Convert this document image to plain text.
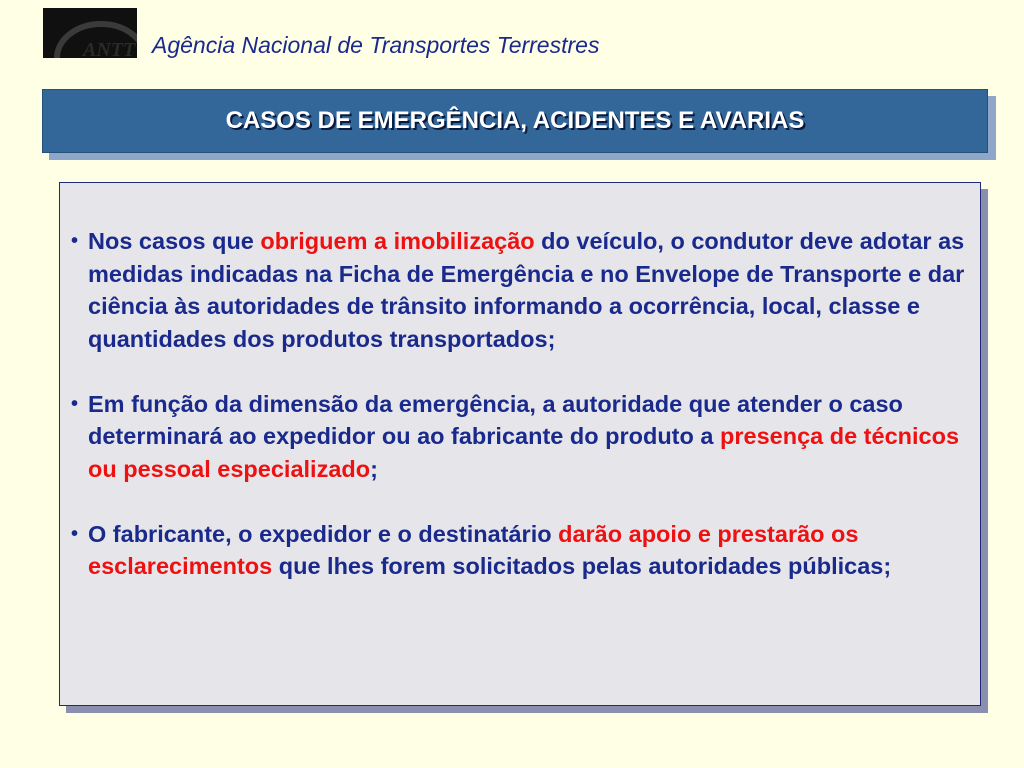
ANTT Agência Nacional de Transportes Terrestres
CASOS DE EMERGÊNCIA, ACIDENTES E AVARIAS
• Nos casos que obriguem a imobilização do veículo, o condutor deve adotar as medidas indicadas na Ficha de Emergência e no Envelope de Transporte e dar ciência às autoridades de trânsito informando a ocorrência, local, classe e quantidades dos produtos transportados;
• Em função da dimensão da emergência, a autoridade que atender o caso determinará ao expedidor ou ao fabricante do produto a presença de técnicos ou pessoal especializado;
• O fabricante, o expedidor e o destinatário darão apoio e prestarão os esclarecimentos que lhes forem solicitados pelas autoridades públicas;
